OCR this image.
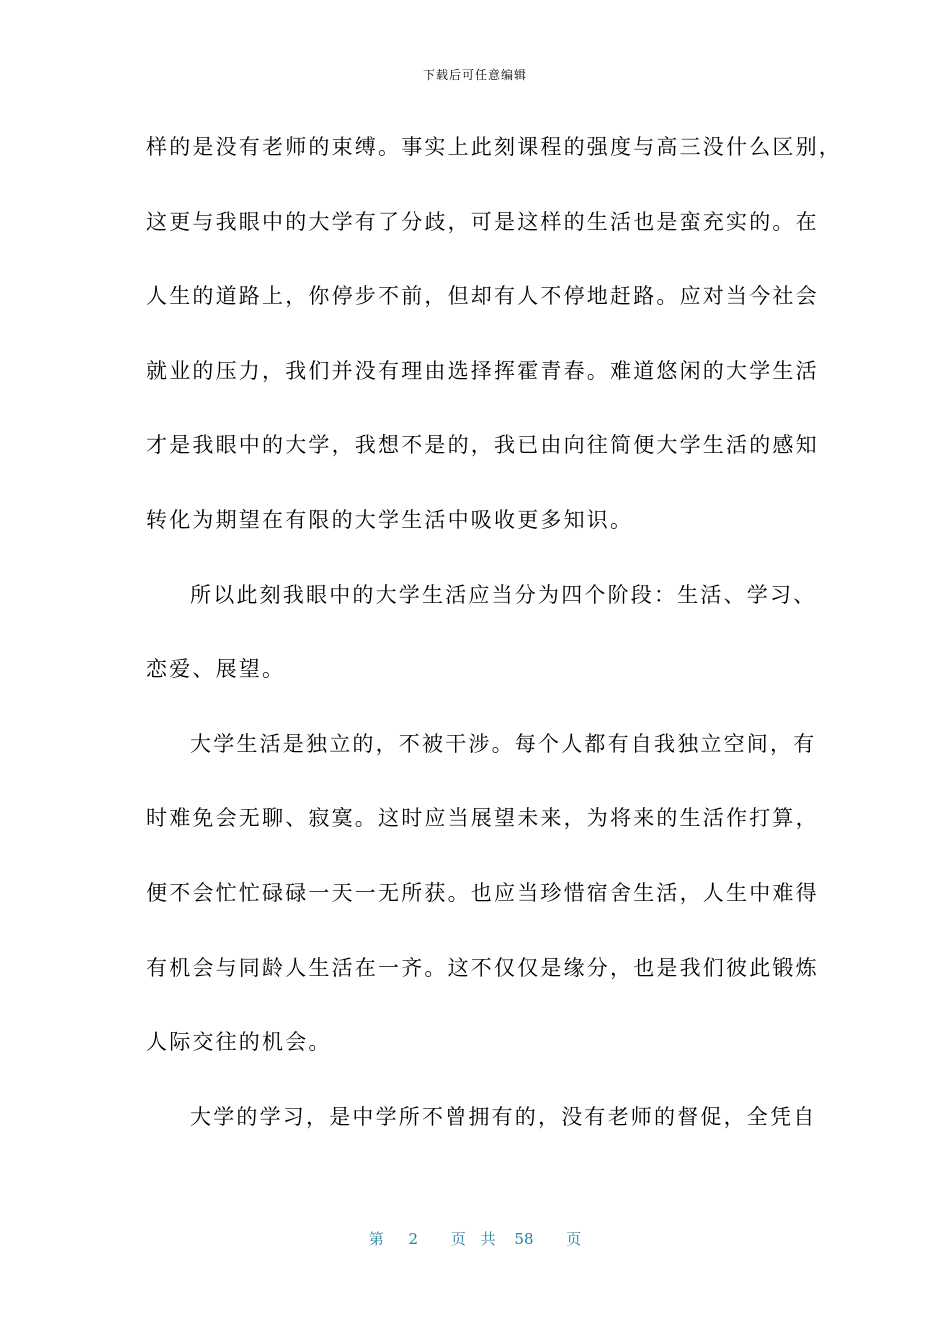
下载后可任意编辑
样的是没有老师的束缚。事实上此刻课程的强度与高三没什么区别，
这更与我眼中的大学有了分歧，可是这样的生活也是蛮充实的。在
人生的道路上，你停步不前，但却有人不停地赶路。应对当今社会
就业的压力，我们并没有理由选择挥霍青春。难道悠闲的大学生活
才是我眼中的大学，我想不是的，我已由向往简便大学生活的感知
转化为期望在有限的大学生活中吸收更多知识。
所以此刻我眼中的大学生活应当分为四个阶段：生活、学习、
恋爱、展望。
大学生活是独立的，不被干涉。每个人都有自我独立空间，有
时难免会无聊、寂寞。这时应当展望未来，为将来的生活作打算，
便不会忙忙碌碌一天一无所获。也应当珍惜宿舍生活，人生中难得
有机会与同龄人生活在一齐。这不仅仅是缘分，也是我们彼此锻炼
人际交往的机会。
大学的学习，是中学所不曾拥有的，没有老师的督促，全凭自
第 2 页 共 58 页
